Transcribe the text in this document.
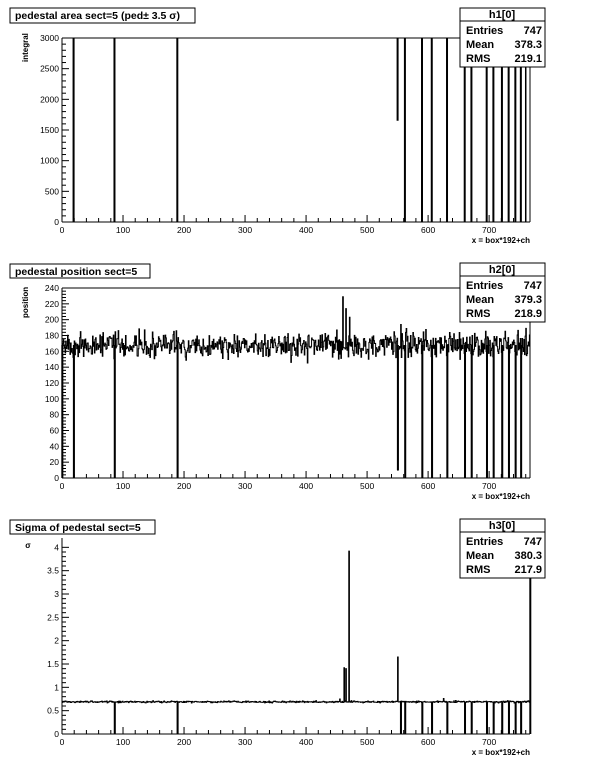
pedestal area sect=5 (ped± 3.5 σ)
integral
x = box*192+ch
0
500
1000
1500
2000
2500
3000
0	100	200	300	400	500	600	700
h1[0]
Entries 747
Mean 378.3
RMS 219.1
pedestal position sect=5
position
x = box*192+ch
0
20
40
60
80
100
120
140
160
180
200
220
240
0	100	200	300	400	500	600	700
h2[0]
Entries 747
Mean 379.3
RMS 218.9
Sigma of pedestal sect=5
σ
x = box*192+ch
0
0.5
1
1.5
2
2.5
3
3.5
4
0	100	200	300	400	500	600	700
h3[0]
Entries 747
Mean 380.3
RMS 217.9
